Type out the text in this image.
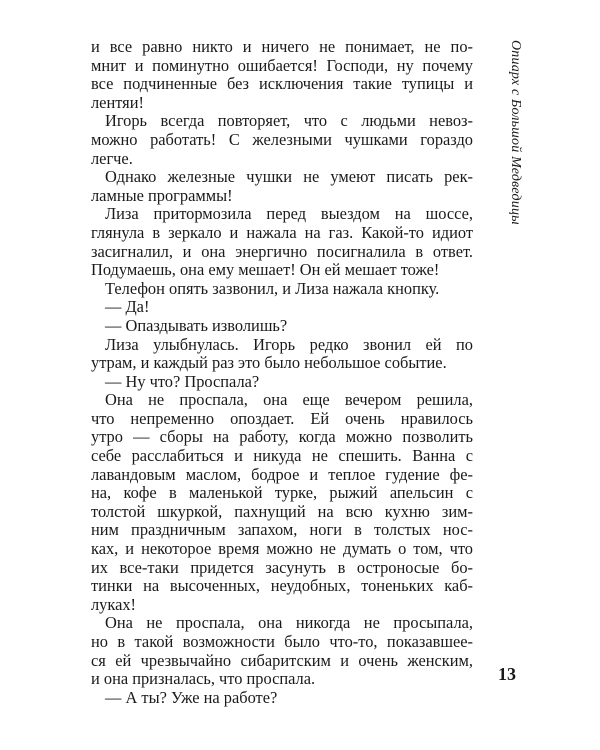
и все равно никто и ничего не понимает, не по-
мнит и поминутно ошибается! Господи, ну почему
все подчиненные без исключения такие тупицы и
лентяи!
Игорь всегда повторяет, что с людьми невоз-
можно работать! С железными чушками гораздо
легче.
Однако железные чушки не умеют писать рек-
ламные программы!
Лиза притормозила перед выездом на шоссе,
глянула в зеркало и нажала на газ. Какой-то идиот
засигналил, и она энергично посигналила в ответ.
Подумаешь, она ему мешает! Он ей мешает тоже!
Телефон опять зазвонил, и Лиза нажала кнопку.
— Да!
— Опаздывать изволишь?
Лиза улыбнулась. Игорь редко звонил ей по
утрам, и каждый раз это было небольшое событие.
— Ну что? Проспала?
Она не проспала, она еще вечером решила,
что непременно опоздает. Ей очень нравилось
утро — сборы на работу, когда можно позволить
себе расслабиться и никуда не спешить. Ванна с
лавандовым маслом, бодрое и теплое гудение фе-
на, кофе в маленькой турке, рыжий апельсин с
толстой шкуркой, пахнущий на всю кухню зим-
ним праздничным запахом, ноги в толстых нос-
ках, и некоторое время можно не думать о том, что
их все-таки придется засунуть в остроносые бо-
тинки на высоченных, неудобных, тоненьких каб-
луках!
Она не проспала, она никогда не просыпала,
но в такой возможности было что-то, показавшее-
ся ей чрезвычайно сибаритским и очень женским,
и она призналась, что проспала.
— А ты? Уже на работе?
Опиарх с Большой Медведицы
13
